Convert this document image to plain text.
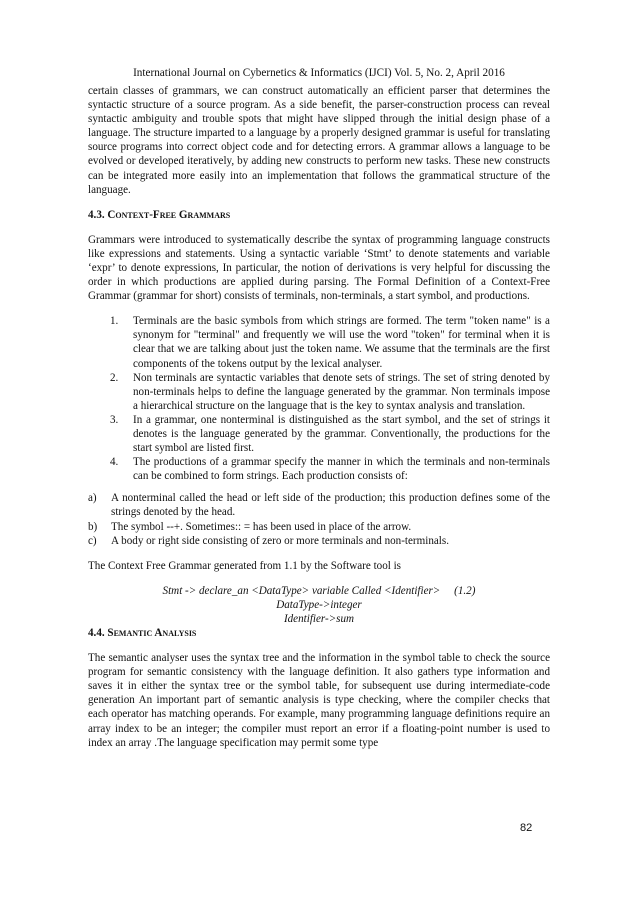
International Journal on Cybernetics & Informatics (IJCI) Vol. 5, No. 2, April 2016

certain classes of grammars, we can construct automatically an efficient parser that determines the syntactic structure of a source program. As a side benefit, the parser-construction process can reveal syntactic ambiguity and trouble spots that might have slipped through the initial design phase of a language. The structure imparted to a language by a properly designed grammar is useful for translating source programs into correct object code and for detecting errors. A grammar allows a language to be evolved or developed iteratively, by adding new constructs to perform new tasks. These new constructs can be integrated more easily into an implementation that follows the grammatical structure of the language.

4.3. Context-Free Grammars

Grammars were introduced to systematically describe the syntax of programming language constructs like expressions and statements. Using a syntactic variable ‘Stmt’ to denote statements and variable ‘expr’ to denote expressions, In particular, the notion of derivations is very helpful for discussing the order in which productions are applied during parsing. The Formal Definition of a Context-Free Grammar (grammar for short) consists of terminals, non-terminals, a start symbol, and productions.

1. Terminals are the basic symbols from which strings are formed. The term "token name" is a synonym for "terminal" and frequently we will use the word "token" for terminal when it is clear that we are talking about just the token name. We assume that the terminals are the first components of the tokens output by the lexical analyser.
2. Non terminals are syntactic variables that denote sets of strings. The set of string denoted by non-terminals helps to define the language generated by the grammar. Non terminals impose a hierarchical structure on the language that is the key to syntax analysis and translation.
3. In a grammar, one nonterminal is distinguished as the start symbol, and the set of strings it denotes is the language generated by the grammar. Conventionally, the productions for the start symbol are listed first.
4. The productions of a grammar specify the manner in which the terminals and non-terminals can be combined to form strings. Each production consists of:
a) A nonterminal called the head or left side of the production; this production defines some of the strings denoted by the head.
b) The symbol --+. Sometimes:: = has been used in place of the arrow.
c) A body or right side consisting of zero or more terminals and non-terminals.

The Context Free Grammar generated from 1.1 by the Software tool is

Stmt -> declare_an <DataType> variable Called <Identifier> (1.2)
DataType->integer
Identifier->sum
4.4. Semantic Analysis

The semantic analyser uses the syntax tree and the information in the symbol table to check the source program for semantic consistency with the language definition. It also gathers type information and saves it in either the syntax tree or the symbol table, for subsequent use during intermediate-code generation An important part of semantic analysis is type checking, where the compiler checks that each operator has matching operands. For example, many programming language definitions require an array index to be an integer; the compiler must report an error if a floating-point number is used to index an array .The language specification may permit some type

82
